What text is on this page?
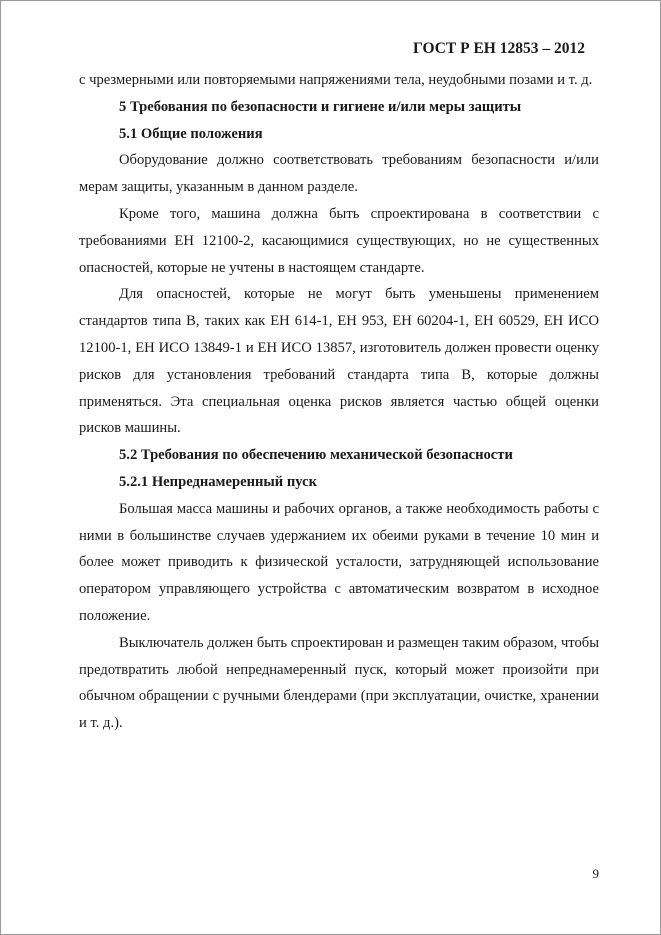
ГОСТ Р ЕН 12853 – 2012

с чрезмерными или повторяемыми напряжениями тела, неудобными позами и т. д.

5 Требования по безопасности и гигиене и/или меры защиты

5.1 Общие положения

Оборудование должно соответствовать требованиям безопасности и/или мерам защиты, указанным в данном разделе.

Кроме того, машина должна быть спроектирована в соответствии с требованиями ЕН 12100-2, касающимися существующих, но не существенных опасностей, которые не учтены в настоящем стандарте.

Для опасностей, которые не могут быть уменьшены применением стандартов типа В, таких как ЕН 614-1, ЕН 953, ЕН 60204-1, ЕН 60529, ЕН ИСО 12100-1, ЕН ИСО 13849-1 и ЕН ИСО 13857, изготовитель должен провести оценку рисков для установления требований стандарта типа В, которые должны применяться. Эта специальная оценка рисков является частью общей оценки рисков машины.

5.2 Требования по обеспечению механической безопасности

5.2.1 Непреднамеренный пуск

Большая масса машины и рабочих органов, а также необходимость работы с ними в большинстве случаев удержанием их обеими руками в течение 10 мин и более может приводить к физической усталости, затрудняющей использование оператором управляющего устройства с автоматическим возвратом в исходное положение.

Выключатель должен быть спроектирован и размещен таким образом, чтобы предотвратить любой непреднамеренный пуск, который может произойти при обычном обращении с ручными блендерами (при эксплуатации, очистке, хранении и т. д.).

9
